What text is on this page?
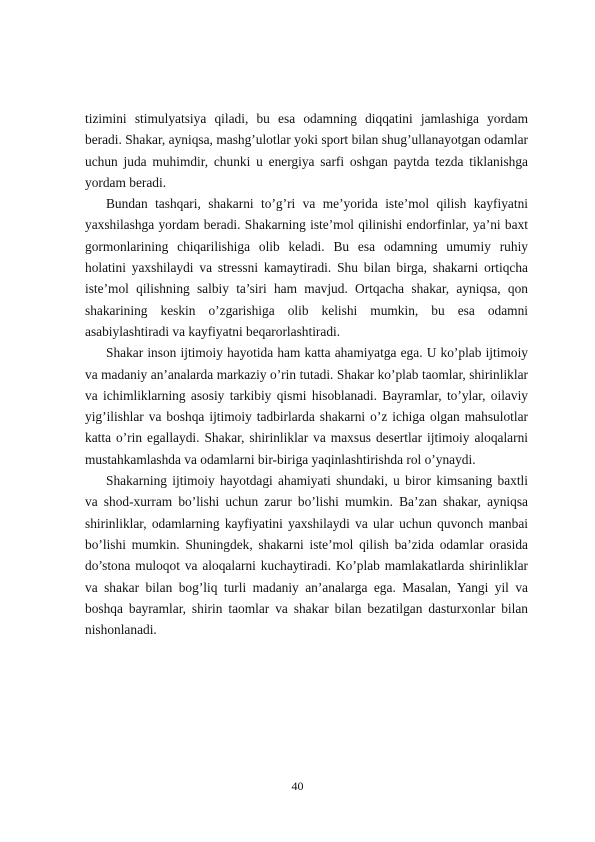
tizimini stimulyatsiya qiladi, bu esa odamning diqqatini jamlashiga yordam beradi. Shakar, ayniqsa, mashg’ulotlar yoki sport bilan shug’ullanayotgan odamlar uchun juda muhimdir, chunki u energiya sarfi oshgan paytda tezda tiklanishga yordam beradi.

Bundan tashqari, shakarni to’g’ri va me’yorida iste’mol qilish kayfiyatni yaxshilashga yordam beradi. Shakarning iste’mol qilinishi endorfinlar, ya’ni baxt gormonlarining chiqarilishiga olib keladi. Bu esa odamning umumiy ruhiy holatini yaxshilaydi va stressni kamaytiradi. Shu bilan birga, shakarni ortiqcha iste’mol qilishning salbiy ta’siri ham mavjud. Ortqacha shakar, ayniqsa, qon shakarining keskin o’zgarishiga olib kelishi mumkin, bu esa odamni asabiylashtiradi va kayfiyatni beqarorlashtiradi.

Shakar inson ijtimoiy hayotida ham katta ahamiyatga ega. U ko’plab ijtimoiy va madaniy an’analarda markaziy o’rin tutadi. Shakar ko’plab taomlar, shirinliklar va ichimliklarning asosiy tarkibiy qismi hisoblanadi. Bayramlar, to’ylar, oilaviy yig’ilishlar va boshqa ijtimoiy tadbirlarda shakarni o’z ichiga olgan mahsulotlar katta o’rin egallaydi. Shakar, shirinliklar va maxsus desertlar ijtimoiy aloqalarni mustahkamlashda va odamlarni bir-biriga yaqinlashtirishda rol o’ynaydi.

Shakarning ijtimoiy hayotdagi ahamiyati shundaki, u biror kimsaning baxtli va shod-xurram bo’lishi uchun zarur bo’lishi mumkin. Ba’zan shakar, ayniqsa shirinliklar, odamlarning kayfiyatini yaxshilaydi va ular uchun quvonch manbai bo’lishi mumkin. Shuningdek, shakarni iste’mol qilish ba’zida odamlar orasida do’stona muloqot va aloqalarni kuchaytiradi. Ko’plab mamlakatlarda shirinliklar va shakar bilan bog’liq turli madaniy an’analarga ega. Masalan, Yangi yil va boshqa bayramlar, shirin taomlar va shakar bilan bezatilgan dasturxonlar bilan nishonlanadi.

40
